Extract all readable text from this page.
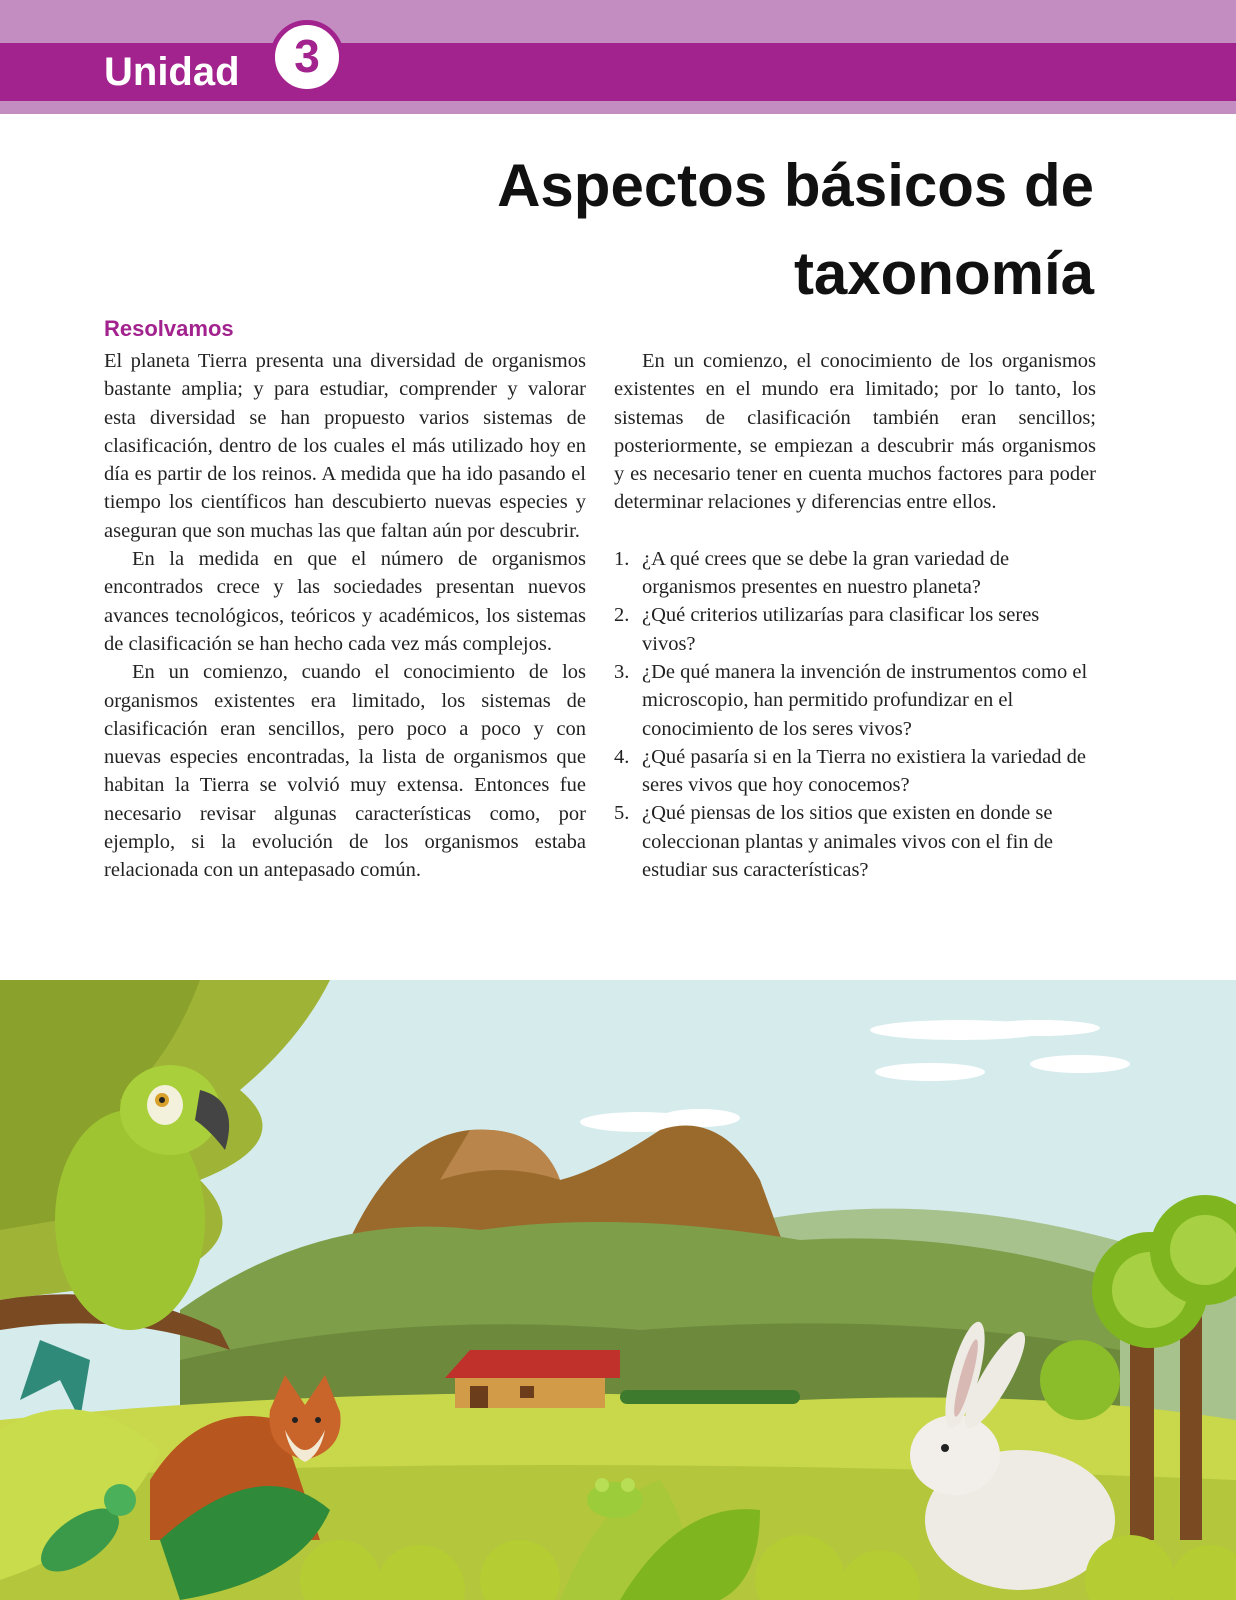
Unidad	3
Aspectos básicos de
taxonomía
Resolvamos

El planeta Tierra presenta una diversidad de organismos bastante amplia; y para estudiar, comprender y valorar esta diversidad se han propuesto varios sistemas de clasificación, dentro de los cuales el más utilizado hoy en día es partir de los reinos. A medida que ha ido pasando el tiempo los científicos han descubierto nuevas especies y aseguran que son muchas las que faltan aún por descubrir.

En la medida en que el número de organismos encontrados crece y las sociedades presentan nuevos avances tecnológicos, teóricos y académicos, los sistemas de clasificación se han hecho cada vez más complejos.

En un comienzo, cuando el conocimiento de los organismos existentes era limitado, los sistemas de clasificación eran sencillos, pero poco a poco y con nuevas especies encontradas, la lista de organismos que habitan la Tierra se volvió muy extensa. Entonces fue necesario revisar algunas características como, por ejemplo, si la evolución de los organismos estaba relacionada con un antepasado común.

En un comienzo, el conocimiento de los organismos existentes en el mundo era limitado; por lo tanto, los sistemas de clasificación también eran sencillos; posteriormente, se empiezan a descubrir más organismos y es necesario tener en cuenta muchos factores para poder determinar relaciones y diferencias entre ellos.

1. ¿A qué crees que se debe la gran variedad de organismos presentes en nuestro planeta?
2. ¿Qué criterios utilizarías para clasificar los seres vivos?
3. ¿De qué manera la invención de instrumentos como el microscopio, han permitido profundizar en el conocimiento de los seres vivos?
4. ¿Qué pasaría si en la Tierra no existiera la variedad de seres vivos que hoy conocemos?
5. ¿Qué piensas de los sitios que existen en donde se coleccionan plantas y animales vivos con el fin de estudiar sus características?
